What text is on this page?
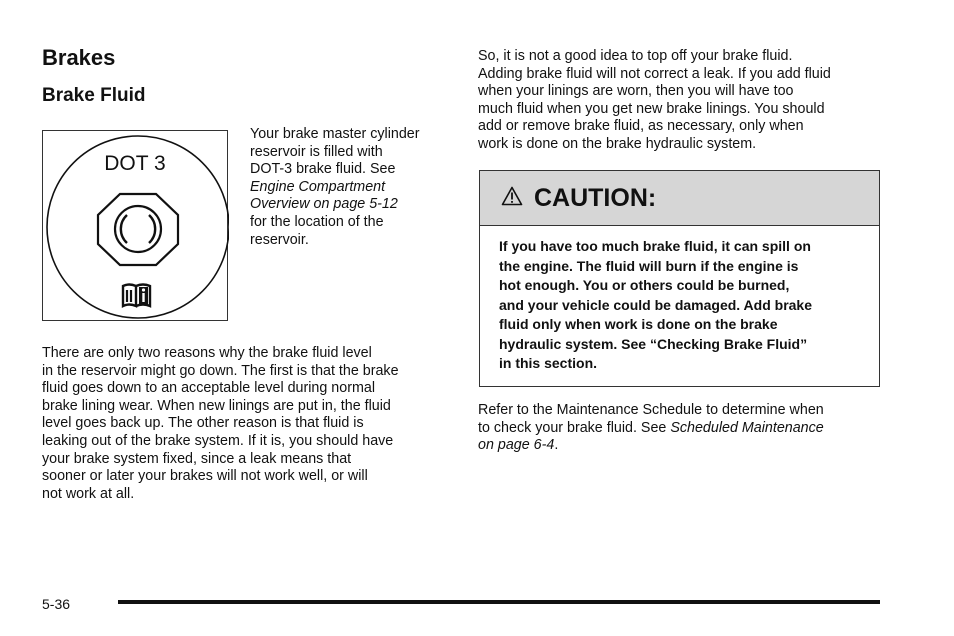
Brakes
Brake Fluid
DOT 3
Your brake master cylinder
reservoir is filled with
DOT-3 brake fluid. See
Engine Compartment
Overview on page 5-12
for the location of the
reservoir.
There are only two reasons why the brake fluid level
in the reservoir might go down. The first is that the brake
fluid goes down to an acceptable level during normal
brake lining wear. When new linings are put in, the fluid
level goes back up. The other reason is that fluid is
leaking out of the brake system. If it is, you should have
your brake system fixed, since a leak means that
sooner or later your brakes will not work well, or will
not work at all.
So, it is not a good idea to top off your brake fluid.
Adding brake fluid will not correct a leak. If you add fluid
when your linings are worn, then you will have too
much fluid when you get new brake linings. You should
add or remove brake fluid, as necessary, only when
work is done on the brake hydraulic system.
CAUTION:
If you have too much brake fluid, it can spill on
the engine. The fluid will burn if the engine is
hot enough. You or others could be burned,
and your vehicle could be damaged. Add brake
fluid only when work is done on the brake
hydraulic system. See “Checking Brake Fluid”
in this section.
Refer to the Maintenance Schedule to determine when
to check your brake fluid. See Scheduled Maintenance
on page 6-4.
5-36
